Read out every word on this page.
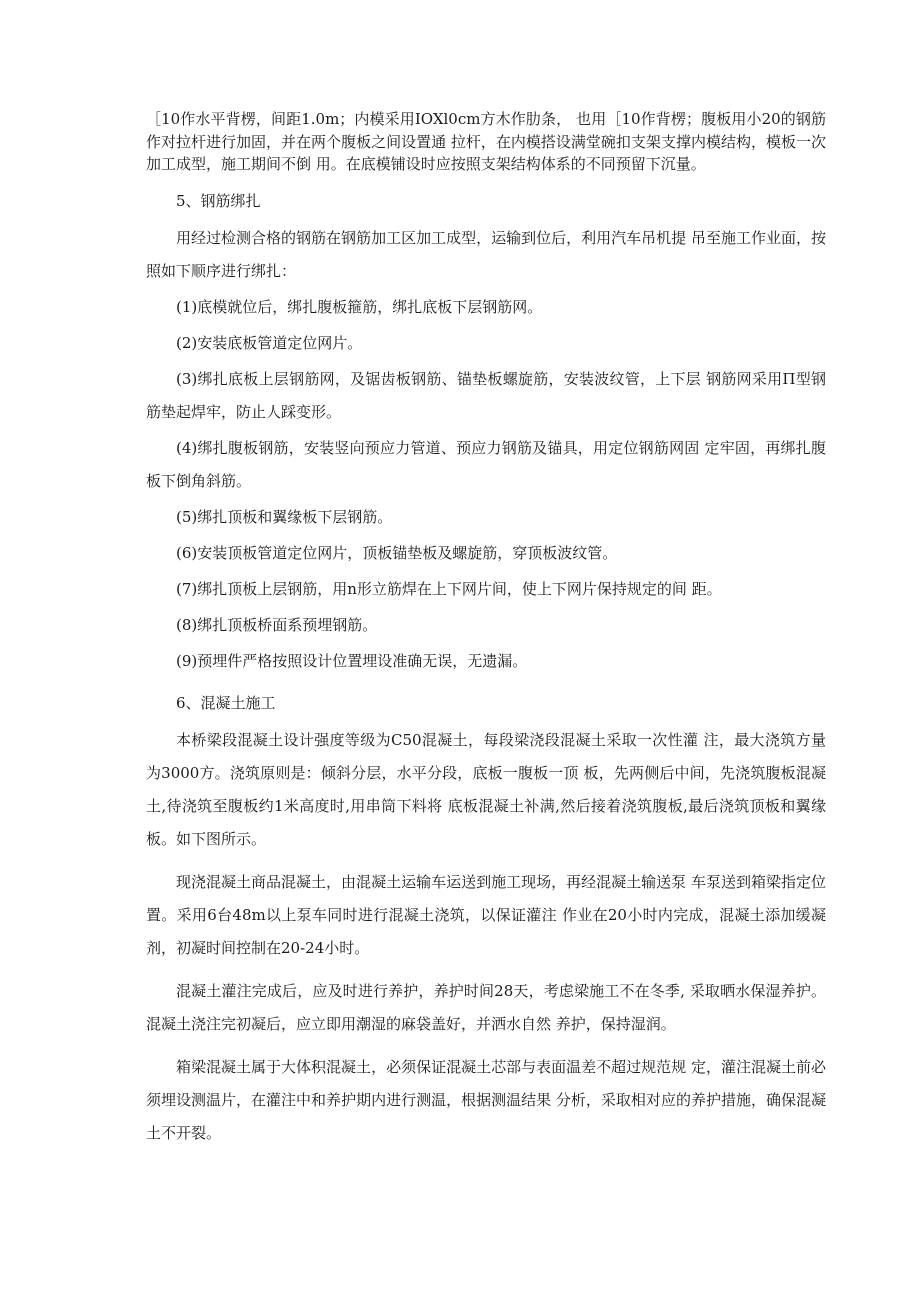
［10作水平背楞，间距1.0m；内模采用IOXl0cm方木作肋条， 也用［10作背楞；腹板用小20的钢筋作对拉杆进行加固，并在两个腹板之间设置通 拉杆，在内模搭设满堂碗扣支架支撑内模结构，模板一次加工成型，施工期间不倒 用。在底模铺设时应按照支架结构体系的不同预留下沉量。

5、钢筋绑扎

用经过检测合格的钢筋在钢筋加工区加工成型，运输到位后，利用汽车吊机提 吊至施工作业面，按照如下顺序进行绑扎：

(1)底模就位后，绑扎腹板箍筋，绑扎底板下层钢筋网。

(2)安装底板管道定位网片。

(3)绑扎底板上层钢筋网，及锯齿板钢筋、锚垫板螺旋筋，安装波纹管，上下层 钢筋网采用Π型钢筋垫起焊牢，防止人踩变形。

(4)绑扎腹板钢筋，安装竖向预应力管道、预应力钢筋及锚具，用定位钢筋网固 定牢固，再绑扎腹板下倒角斜筋。

(5)绑扎顶板和翼缘板下层钢筋。

(6)安装顶板管道定位网片，顶板锚垫板及螺旋筋，穿顶板波纹管。

(7)绑扎顶板上层钢筋，用n形立筋焊在上下网片间，使上下网片保持规定的间 距。

(8)绑扎顶板桥面系预埋钢筋。

(9)预埋件严格按照设计位置埋设准确无误，无遗漏。

6、混凝土施工

本桥梁段混凝土设计强度等级为C50混凝土，每段梁浇段混凝土采取一次性灌 注，最大浇筑方量为3000方。浇筑原则是：倾斜分层，水平分段，底板一腹板一顶 板，先两侧后中间，先浇筑腹板混凝土,待浇筑至腹板约1米高度时,用串筒下料将 底板混凝土补满,然后接着浇筑腹板,最后浇筑顶板和翼缘板。如下图所示。

现浇混凝土商品混凝土，由混凝土运输车运送到施工现场，再经混凝土输送泵 车泵送到箱梁指定位置。采用6台48m以上泵车同时进行混凝土浇筑，以保证灌注 作业在20小时内完成，混凝土添加缓凝剂，初凝时间控制在20-24小时。

混凝土灌注完成后，应及时进行养护，养护时间28天，考虑梁施工不在冬季, 采取晒水保湿养护。混凝土浇注完初凝后，应立即用潮湿的麻袋盖好，并洒水自然 养护，保持湿润。

箱梁混凝土属于大体积混凝土，必须保证混凝土芯部与表面温差不超过规范规 定，灌注混凝土前必须埋设测温片，在灌注中和养护期内进行测温，根据测温结果 分析，采取相对应的养护措施，确保混凝土不开裂。
